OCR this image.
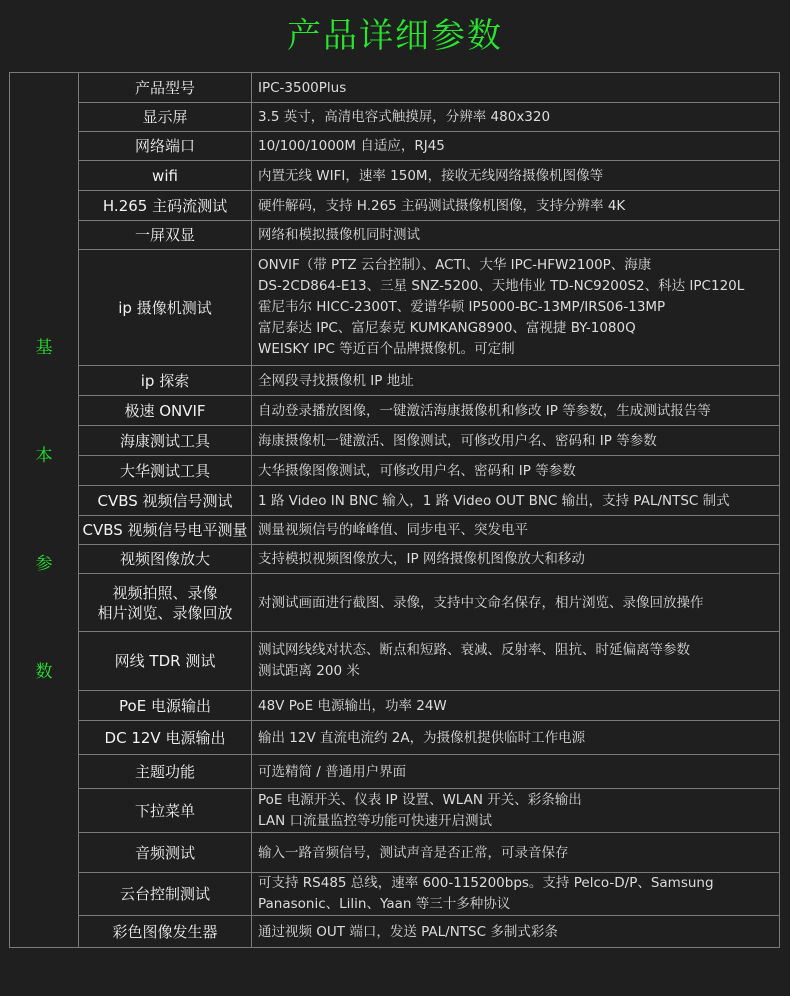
产品详细参数
基
本
参
数	产品型号	IPC-3500Plus
	显示屏	3.5 英寸，高清电容式触摸屏，分辨率 480x320
	网络端口	10/100/1000M 自适应，RJ45
	wifi	内置无线 WIFI，速率 150M，接收无线网络摄像机图像等
	H.265 主码流测试	硬件解码，支持 H.265 主码测试摄像机图像，支持分辨率 4K
	一屏双显	网络和模拟摄像机同时测试
	ip 摄像机测试	ONVIF（带 PTZ 云台控制）、ACTI、大华 IPC-HFW2100P、海康
DS-2CD864-E13、三星 SNZ-5200、天地伟业 TD-NC9200S2、科达 IPC120L
霍尼韦尔 HICC-2300T、爱谱华顿 IP5000-BC-13MP/IRS06-13MP
富尼泰达 IPC、富尼泰克 KUMKANG8900、富视捷 BY-1080Q
WEISKY IPC 等近百个品牌摄像机。可定制
	ip 探索	全网段寻找摄像机 IP 地址
	极速 ONVIF	自动登录播放图像，一键激活海康摄像机和修改 IP 等参数，生成测试报告等
	海康测试工具	海康摄像机一键激活、图像测试，可修改用户名、密码和 IP 等参数
	大华测试工具	大华摄像图像测试，可修改用户名、密码和 IP 等参数
	CVBS 视频信号测试	1 路 Video IN BNC 输入，1 路 Video OUT BNC 输出，支持 PAL/NTSC 制式
	CVBS 视频信号电平测量	测量视频信号的峰峰值、同步电平、突发电平
	视频图像放大	支持模拟视频图像放大，IP 网络摄像机图像放大和移动
	视频拍照、录像
相片浏览、录像回放	对测试画面进行截图、录像，支持中文命名保存，相片浏览、录像回放操作
	网线 TDR 测试	测试网线线对状态、断点和短路、衰减、反射率、阻抗、时延偏离等参数
测试距离 200 米
	PoE 电源输出	48V PoE 电源输出，功率 24W
	DC 12V 电源输出	输出 12V 直流电流约 2A，为摄像机提供临时工作电源
	主题功能	可选精简 / 普通用户界面
	下拉菜单	PoE 电源开关、仪表 IP 设置、WLAN 开关、彩条输出
LAN 口流量监控等功能可快速开启测试
	音频测试	输入一路音频信号，测试声音是否正常，可录音保存
	云台控制测试	可支持 RS485 总线，速率 600-115200bps。支持 Pelco-D/P、Samsung
Panasonic、Lilin、Yaan 等三十多种协议
	彩色图像发生器	通过视频 OUT 端口，发送 PAL/NTSC 多制式彩条
